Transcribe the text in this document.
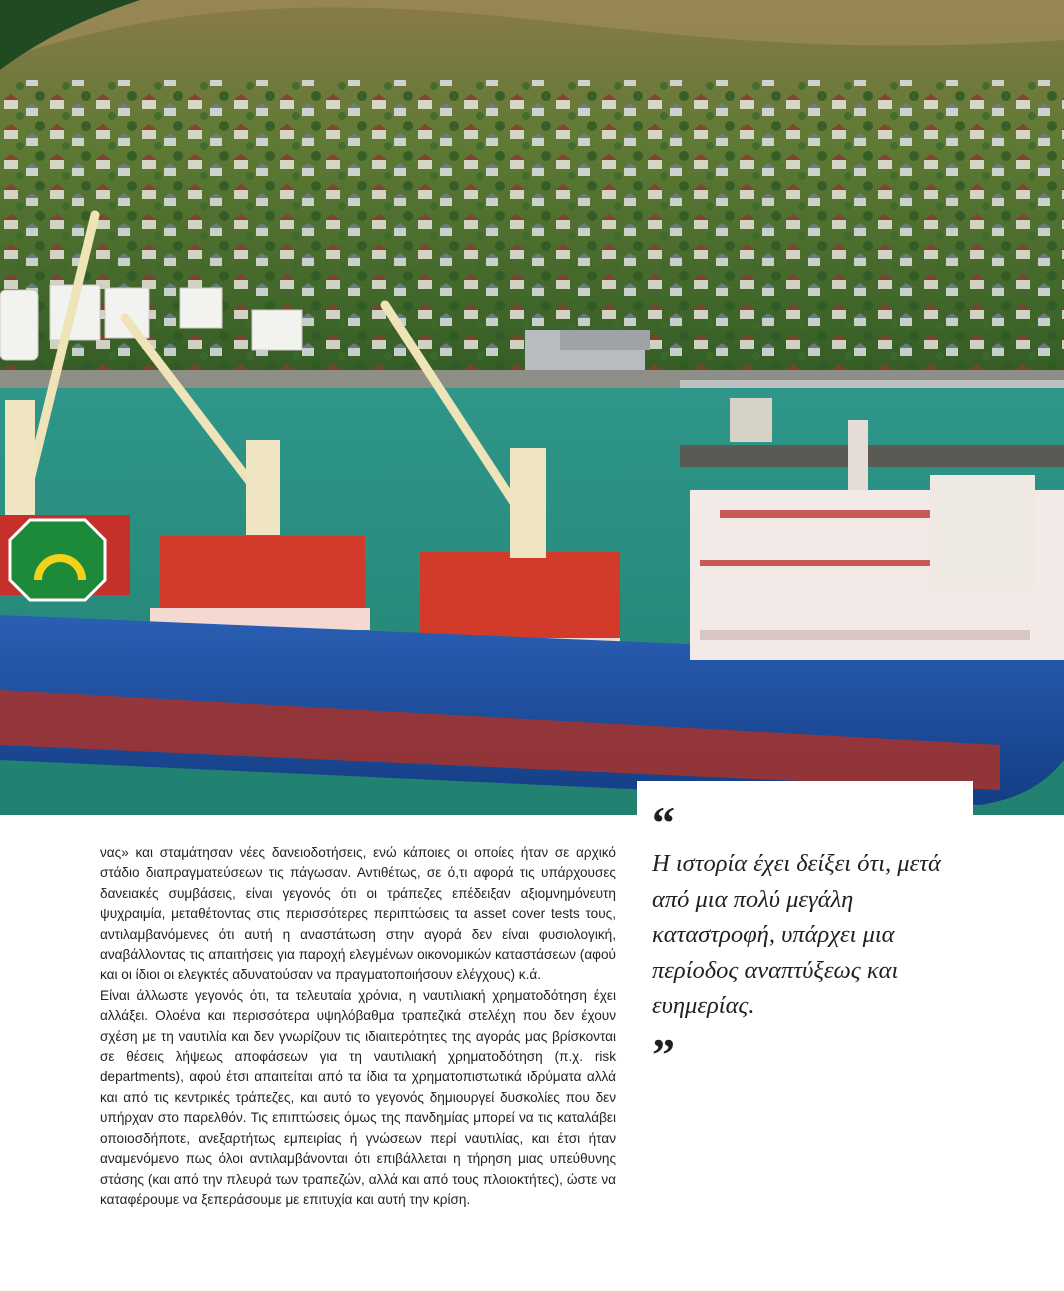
νας» και σταμάτησαν νέες δανειοδοτήσεις, ενώ κάποιες οι οποίες ήταν σε αρχικό στάδιο διαπραγματεύσεων τις πάγωσαν. Αντιθέτως, σε ό,τι αφορά τις υπάρχουσες δανειακές συμβάσεις, είναι γεγονός ότι οι τράπεζες επέδειξαν αξιομνημόνευτη ψυχραιμία, μεταθέτοντας στις περισσότερες περιπτώσεις τα asset cover tests τους, αντιλαμβανόμενες ότι αυτή η αναστάτωση στην αγορά δεν είναι φυσιολογική, αναβάλλοντας τις απαιτήσεις για παροχή ελεγμένων οικονομικών καταστάσεων (αφού και οι ίδιοι οι ελεγκτές αδυνατούσαν να πραγματοποιήσουν ελέγχους) κ.ά.

Είναι άλλωστε γεγονός ότι, τα τελευταία χρόνια, η ναυτιλιακή χρηματοδότηση έχει αλλάξει. Ολοένα και περισσότερα υψηλόβαθμα τραπεζικά στελέχη που δεν έχουν σχέση με τη ναυτιλία και δεν γνωρίζουν τις ιδιαιτερότητες της αγοράς μας βρίσκονται σε θέσεις λήψεως αποφάσεων για τη ναυτιλιακή χρηματοδότηση (π.χ. risk departments), αφού έτσι απαιτείται από τα ίδια τα χρηματοπιστωτικά ιδρύματα αλλά και από τις κεντρικές τράπεζες, και αυτό το γεγονός δημιουργεί δυσκολίες που δεν υπήρχαν στο παρελθόν. Τις επιπτώσεις όμως της πανδημίας μπορεί να τις καταλάβει οποιοσδήποτε, ανεξαρτήτως εμπειρίας ή γνώσεων περί ναυτιλίας, και έτσι ήταν αναμενόμενο πως όλοι αντιλαμβάνονται ότι επιβάλλεται η τήρηση μιας υπεύθυνης στάσης (και από την πλευρά των τραπεζών, αλλά και από τους πλοιοκτήτες), ώστε να καταφέρουμε να ξεπεράσουμε με επιτυχία και αυτή την κρίση.

“

Η ιστορία έχει δείξει ότι, μετά από μια πολύ μεγάλη καταστροφή, υπάρχει μια περίοδος αναπτύξεως και ευημερίας.

”
